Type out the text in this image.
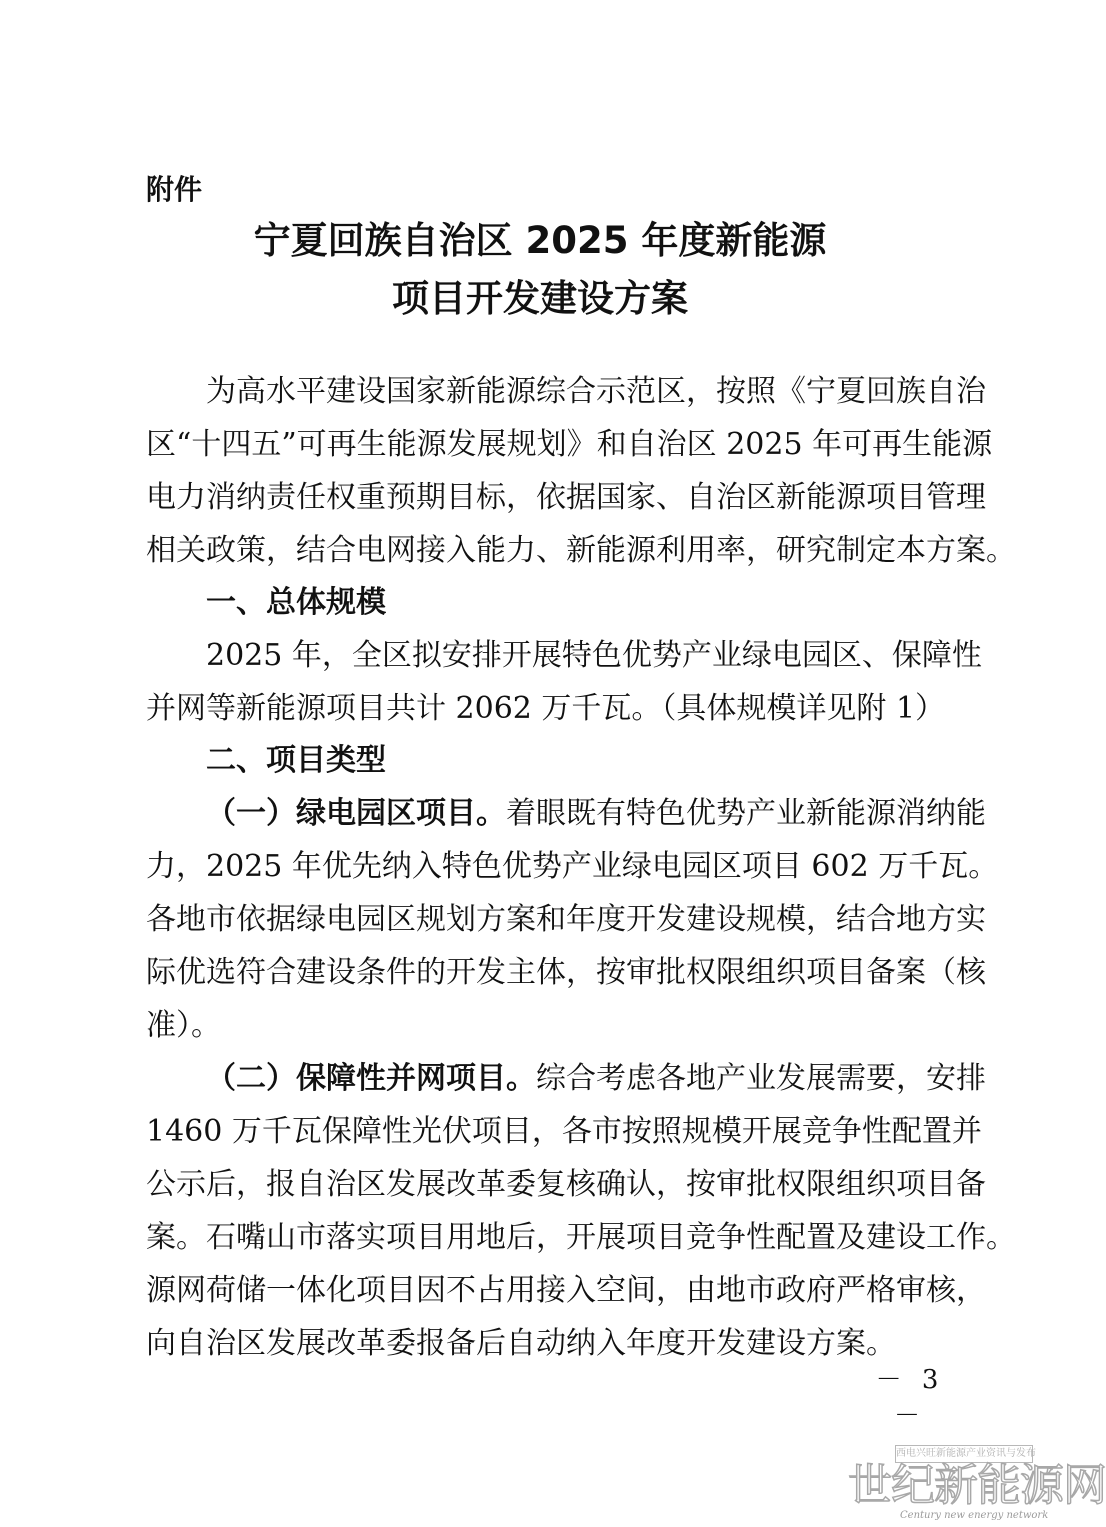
附件
宁夏回族自治区 2025 年度新能源
项目开发建设方案
为高水平建设国家新能源综合示范区，按照《宁夏回族自治
区“十四五”可再生能源发展规划》和自治区 2025 年可再生能源
电力消纳责任权重预期目标，依据国家、自治区新能源项目管理
相关政策，结合电网接入能力、新能源利用率，研究制定本方案。
一、总体规模
2025 年，全区拟安排开展特色优势产业绿电园区、保障性
并网等新能源项目共计 2062 万千瓦。（具体规模详见附 1）
二、项目类型
（一）绿电园区项目。着眼既有特色优势产业新能源消纳能
力，2025 年优先纳入特色优势产业绿电园区项目 602 万千瓦。
各地市依据绿电园区规划方案和年度开发建设规模，结合地方实
际优选符合建设条件的开发主体，按审批权限组织项目备案（核
准）。
（二）保障性并网项目。综合考虑各地产业发展需要，安排
1460 万千瓦保障性光伏项目，各市按照规模开展竞争性配置并
公示后，报自治区发展改革委复核确认，按审批权限组织项目备
案。石嘴山市落实项目用地后，开展项目竞争性配置及建设工作。
源网荷储一体化项目因不占用接入空间，由地市政府严格审核，
向自治区发展改革委报备后自动纳入年度开发建设方案。
－ 3 －
西电兴旺新能源产业资讯与发布
世纪新能源网
Century new energy network
